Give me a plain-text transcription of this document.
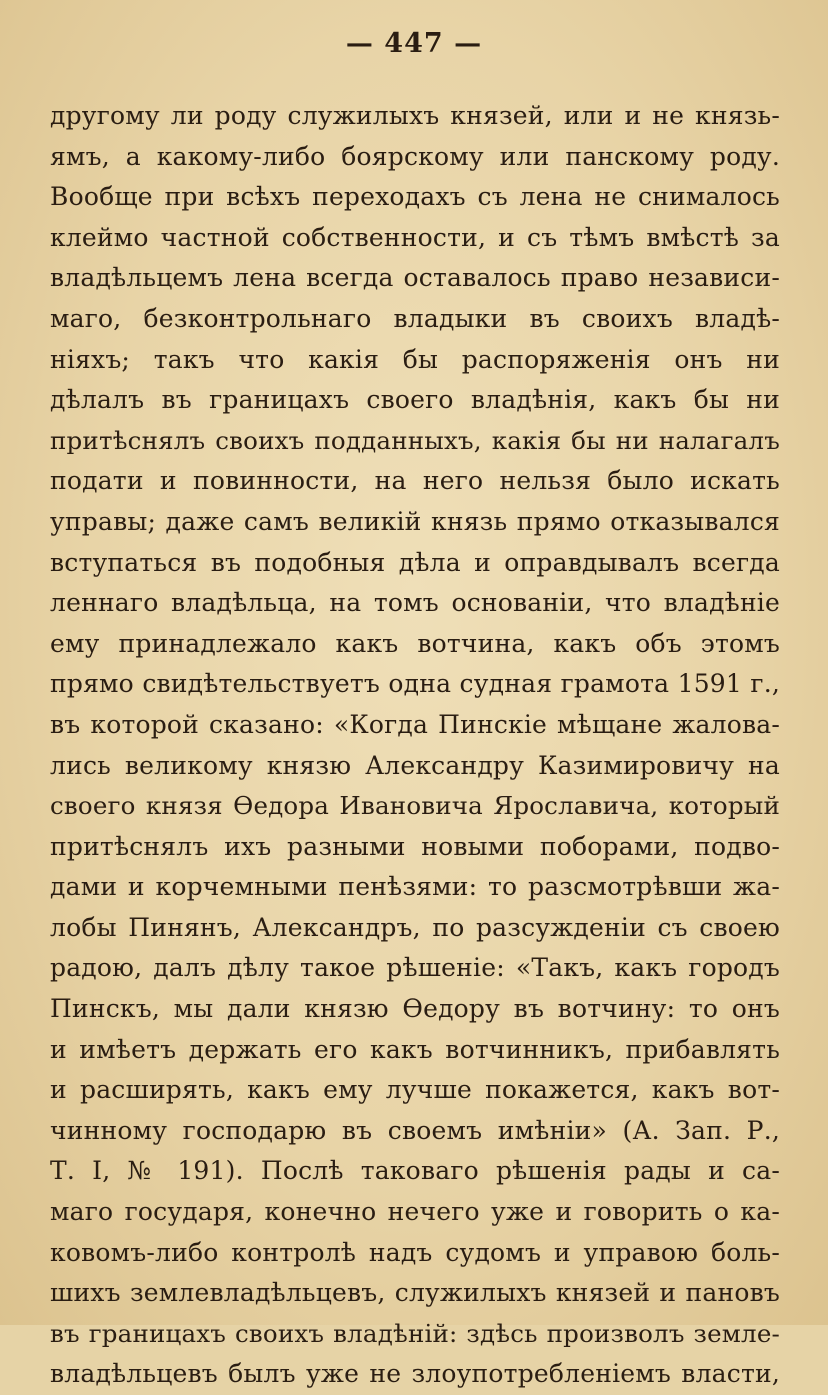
— 447 —
другому ли роду служилыхъ князей, или и не князь-
ямъ, а какому-либо боярскому или панскому роду.
Вообще при всѣхъ переходахъ съ лена не снималось
клеймо частной собственности, и съ тѣмъ вмѣстѣ за
владѣльцемъ лена всегда оставалось право независи-
маго, безконтрольнаго владыки въ своихъ владѣ-
ніяхъ; такъ что какія бы распоряженія онъ ни
дѣлалъ въ границахъ своего владѣнія, какъ бы ни
притѣснялъ своихъ подданныхъ, какія бы ни налагалъ
подати и повинности, на него нельзя было искать
управы; даже самъ великій князь прямо отказывался
вступаться въ подобныя дѣла и оправдывалъ всегда
леннаго владѣльца, на томъ основаніи, что владѣніе
ему принадлежало какъ вотчина, какъ объ этомъ
прямо свидѣтельствуетъ одна судная грамота 1591 г.,
въ которой сказано: «Когда Пинскіе мѣщане жалова-
лись великому князю Александру Казимировичу на
своего князя Ѳедора Ивановича Ярославича, который
притѣснялъ ихъ разными новыми поборами, подво-
дами и корчемными пенѣзями: то разсмотрѣвши жа-
лобы Пинянъ, Александръ, по разсужденіи съ своею
радою, далъ дѣлу такое рѣшеніе: «Такъ, какъ городъ
Пинскъ, мы дали князю Ѳедору въ вотчину: то онъ
и имѣетъ держать его какъ вотчинникъ, прибавлять
и расширять, какъ ему лучше покажется, какъ вот-
чинному господарю въ своемъ имѣніи» (А. Зап. Р.,
Т. I, № 191). Послѣ таковаго рѣшенія рады и са-
маго государя, конечно нечего уже и говорить о ка-
ковомъ-либо контролѣ надъ судомъ и управою боль-
шихъ землевладѣльцевъ, служилыхъ князей и пановъ
въ границахъ своихъ владѣній: здѣсь произволъ земле-
владѣльцевъ былъ уже не злоупотребленіемъ власти,
